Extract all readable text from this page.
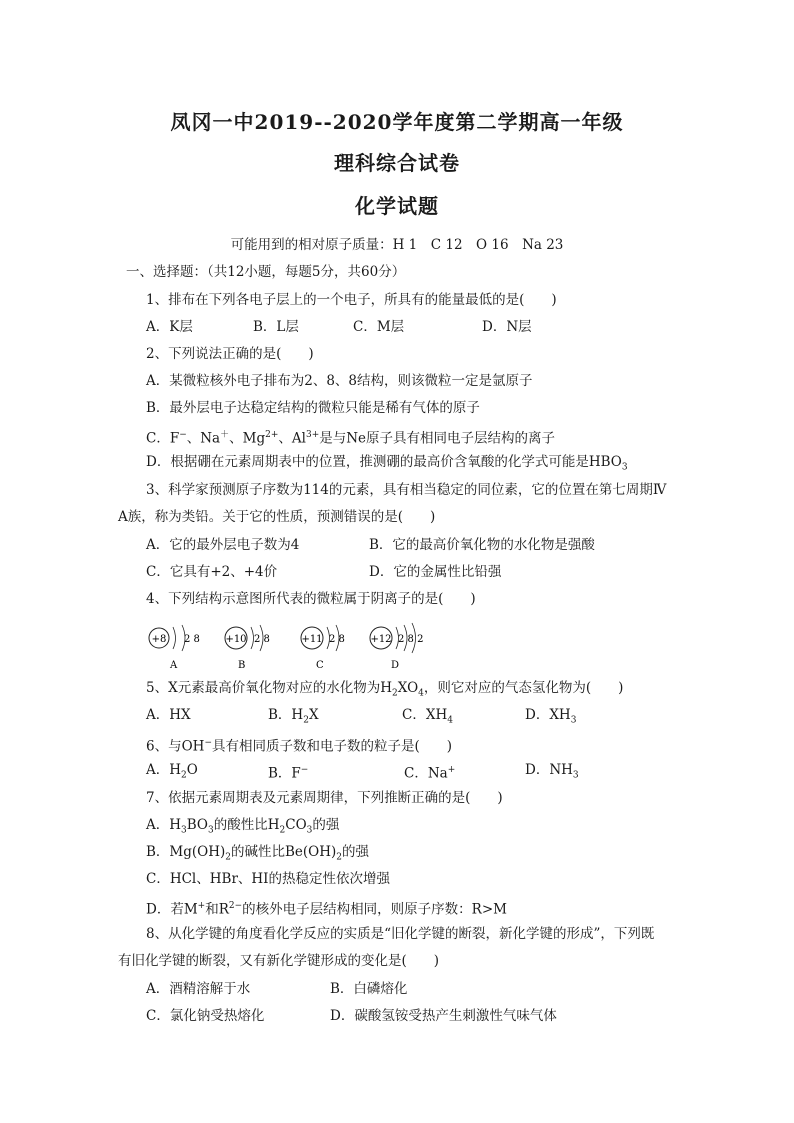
凤冈一中2019--2020学年度第二学期高一年级
理科综合试卷
化学试题
可能用到的相对原子质量：H 1　C 12　O 16　Na 23
一、选择题：（共12小题，每题5分，共60分）
1、排布在下列各电子层上的一个电子，所具有的能量最低的是(　　)
A．K层	B．L层	C．M层	D．N层
2、下列说法正确的是(　　)
A．某微粒核外电子排布为2、8、8结构，则该微粒一定是氩原子
B．最外层电子达稳定结构的微粒只能是稀有气体的原子
C．F−、Na＋、$Mg^{2+}$、$Al^{3+}$是与Ne原子具有相同电子层结构的离子
D．根据硼在元素周期表中的位置，推测硼的最高价含氧酸的化学式可能是$HBO_3$
3、科学家预测原子序数为114的元素，具有相当稳定的同位素，它的位置在第七周期Ⅳ
A族，称为类铅。关于它的性质，预测错误的是(　　)
A．它的最外层电子数为4	B．它的最高价氧化物的水化物是强酸
C．它具有+2、+4价	D．它的金属性比铅强
4、下列结构示意图所代表的微粒属于阴离子的是(　　)
+8 2 8
A
+10 2 8
B
+11 2 8
C
+12 2 8 2
D
5、X元素最高价氧化物对应的水化物为$H_2XO_4$，则它对应的气态氢化物为(　　)
A．HX	B．$H_2X$	C．$XH_4$	D．$XH_3$
6、与OH−具有相同质子数和电子数的粒子是(　　)
A．$H_2O$	B．F−	C．Na+	D．$NH_3$
7、依据元素周期表及元素周期律，下列推断正确的是(　　)
A．$H_3BO_3$的酸性比$H_2CO_3$的强
B．$Mg(OH)_2$的碱性比$Be(OH)_2$的强
C．HCl、HBr、HI的热稳定性依次增强
D．若M+和$R^{2-}$的核外电子层结构相同，则原子序数：R>M
8、从化学键的角度看化学反应的实质是“旧化学键的断裂，新化学键的形成”，下列既
有旧化学键的断裂，又有新化学键形成的变化是(　　)
A．酒精溶解于水	B．白磷熔化
C．氯化钠受热熔化	D．碳酸氢铵受热产生刺激性气味气体
